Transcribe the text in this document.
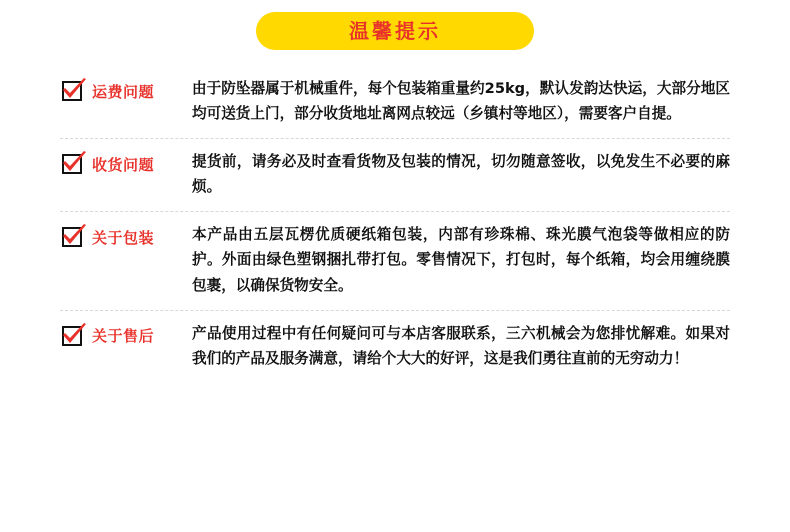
温馨提示
运费问题	由于防坠器属于机械重件，每个包装箱重量约25kg，默认发韵达快运，大部分地区均可送货上门，部分收货地址离网点较远（乡镇村等地区），需要客户自提。
收货问题	提货前，请务必及时查看货物及包装的情况，切勿随意签收，以免发生不必要的麻烦。
关于包装	本产品由五层瓦楞优质硬纸箱包装，内部有珍珠棉、珠光膜气泡袋等做相应的防护。外面由绿色塑钢捆扎带打包。零售情况下，打包时，每个纸箱，均会用缠绕膜包裹，以确保货物安全。
关于售后	产品使用过程中有任何疑问可与本店客服联系，三六机械会为您排忧解难。如果对我们的产品及服务满意，请给个大大的好评，这是我们勇往直前的无穷动力！
